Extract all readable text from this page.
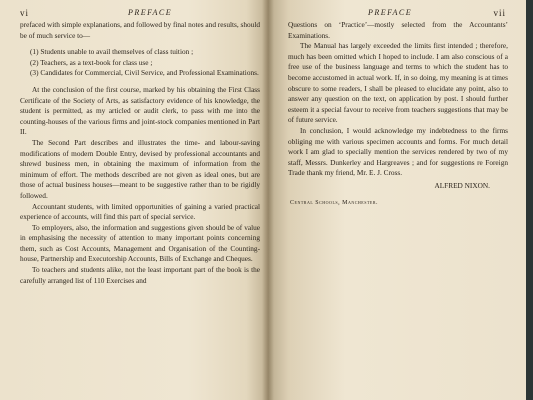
vi	PREFACE

prefaced with simple explanations, and followed by final notes and results, should be of much service to—

(1) Students unable to avail themselves of class tuition ;
(2) Teachers, as a text-book for class use ;
(3) Candidates for Commercial, Civil Service, and Professional Examinations.

At the conclusion of the first course, marked by his obtaining the First Class Certificate of the Society of Arts, as satisfactory evidence of his knowledge, the student is permitted, as my articled or audit clerk, to pass with me into the counting-houses of the various firms and joint-stock companies mentioned in Part II.

The Second Part describes and illustrates the time- and labour-saving modifications of modern Double Entry, devised by professional accountants and shrewd business men, in obtaining the maximum of information from the minimum of effort. The methods described are not given as ideal ones, but are those of actual business houses—meant to be suggestive rather than to be rigidly followed.

Accountant students, with limited opportunities of gaining a varied practical experience of accounts, will find this part of special service.

To employers, also, the information and suggestions given should be of value in emphasising the necessity of attention to many important points concerning them, such as Cost Accounts, Management and Organisation of the Counting-house, Partnership and Executorship Accounts, Bills of Exchange and Cheques.

To teachers and students alike, not the least important part of the book is the carefully arranged list of 110 Exercises and

PREFACE	vii

Questions on ‘Practice’—mostly selected from the Accountants’ Examinations.

The Manual has largely exceeded the limits first intended ; therefore, much has been omitted which I hoped to include. I am also conscious of a free use of the business language and terms to which the student has to become accustomed in actual work. If, in so doing, my meaning is at times obscure to some readers, I shall be pleased to elucidate any point, also to answer any question on the text, on application by post. I should further esteem it a special favour to receive from teachers suggestions that may be of future service.

In conclusion, I would acknowledge my indebtedness to the firms obliging me with various specimen accounts and forms. For much detail work I am glad to specially mention the services rendered by two of my staff, Messrs. Dunkerley and Hargreaves ; and for suggestions re Foreign Trade thank my friend, Mr. E. J. Cross.

ALFRED NIXON.

Central Schools, Manchester.
